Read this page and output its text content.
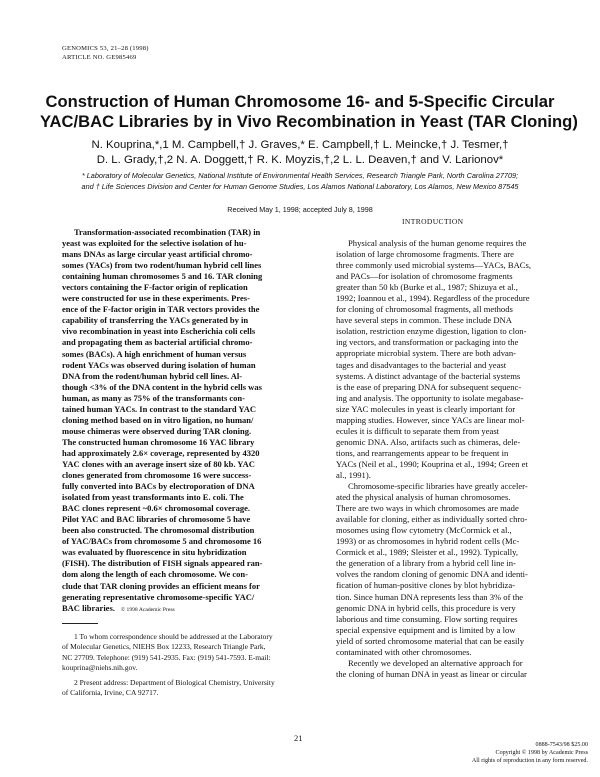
GENOMICS 53, 21–28 (1998)
ARTICLE NO. GE985469
Construction of Human Chromosome 16- and 5-Specific Circular
YAC/BAC Libraries by in Vivo Recombination in Yeast (TAR Cloning)
N. Kouprina,*,1 M. Campbell,† J. Graves,* E. Campbell,† L. Meincke,† J. Tesmer,†
D. L. Grady,†,2 N. A. Doggett,† R. K. Moyzis,†,2 L. L. Deaven,† and V. Larionov*
* Laboratory of Molecular Genetics, National Institute of Environmental Health Services, Research Triangle Park, North Carolina 27709;
and † Life Sciences Division and Center for Human Genome Studies, Los Alamos National Laboratory, Los Alamos, New Mexico 87545
Received May 1, 1998; accepted July 8, 1998
Transformation-associated recombination (TAR) in
yeast was exploited for the selective isolation of hu-
mans DNAs as large circular yeast artificial chromo-
somes (YACs) from two rodent/human hybrid cell lines
containing human chromosomes 5 and 16. TAR cloning
vectors containing the F-factor origin of replication
were constructed for use in these experiments. Pres-
ence of the F-factor origin in TAR vectors provides the
capability of transferring the YACs generated by in
vivo recombination in yeast into Escherichia coli cells
and propagating them as bacterial artificial chromo-
somes (BACs). A high enrichment of human versus
rodent YACs was observed during isolation of human
DNA from the rodent/human hybrid cell lines. Al-
though <3% of the DNA content in the hybrid cells was
human, as many as 75% of the transformants con-
tained human YACs. In contrast to the standard YAC
cloning method based on in vitro ligation, no human/
mouse chimeras were observed during TAR cloning.
The constructed human chromosome 16 YAC library
had approximately 2.6× coverage, represented by 4320
YAC clones with an average insert size of 80 kb. YAC
clones generated from chromosome 16 were success-
fully converted into BACs by electroporation of DNA
isolated from yeast transformants into E. coli. The
BAC clones represent ~0.6× chromosomal coverage.
Pilot YAC and BAC libraries of chromosome 5 have
been also constructed. The chromosomal distribution
of YAC/BACs from chromosome 5 and chromosome 16
was evaluated by fluorescence in situ hybridization
(FISH). The distribution of FISH signals appeared ran-
dom along the length of each chromosome. We con-
clude that TAR cloning provides an efficient means for
generating representative chromosome-specific YAC/
BAC libraries. © 1998 Academic Press
1 To whom correspondence should be addressed at the Laboratory
of Molecular Genetics, NIEHS Box 12233, Research Triangle Park,
NC 27709. Telephone: (919) 541-2935. Fax: (919) 541-7593. E-mail:
kouprina@niehs.nih.gov.
2 Present address: Department of Biological Chemistry, University
of California, Irvine, CA 92717.
INTRODUCTION
Physical analysis of the human genome requires the
isolation of large chromosome fragments. There are
three commonly used microbial systems—YACs, BACs,
and PACs—for isolation of chromosome fragments
greater than 50 kb (Burke et al., 1987; Shizuya et al.,
1992; Ioannou et al., 1994). Regardless of the procedure
for cloning of chromosomal fragments, all methods
have several steps in common. These include DNA
isolation, restriction enzyme digestion, ligation to clon-
ing vectors, and transformation or packaging into the
appropriate microbial system. There are both advan-
tages and disadvantages to the bacterial and yeast
systems. A distinct advantage of the bacterial systems
is the ease of preparing DNA for subsequent sequenc-
ing and analysis. The opportunity to isolate megabase-
size YAC molecules in yeast is clearly important for
mapping studies. However, since YACs are linear mol-
ecules it is difficult to separate them from yeast
genomic DNA. Also, artifacts such as chimeras, dele-
tions, and rearrangements appear to be frequent in
YACs (Neil et al., 1990; Kouprina et al., 1994; Green et
al., 1991).
Chromosome-specific libraries have greatly acceler-
ated the physical analysis of human chromosomes.
There are two ways in which chromosomes are made
available for cloning, either as individually sorted chro-
mosomes using flow cytometry (McCormick et al.,
1993) or as chromosomes in hybrid rodent cells (Mc-
Cormick et al., 1989; Sleister et al., 1992). Typically,
the generation of a library from a hybrid cell line in-
volves the random cloning of genomic DNA and identi-
fication of human-positive clones by blot hybridiza-
tion. Since human DNA represents less than 3% of the
genomic DNA in hybrid cells, this procedure is very
laborious and time consuming. Flow sorting requires
special expensive equipment and is limited by a low
yield of sorted chromosome material that can be easily
contaminated with other chromosomes.
Recently we developed an alternative approach for
the cloning of human DNA in yeast as linear or circular
21
0888-7543/98 $25.00
Copyright © 1998 by Academic Press
All rights of reproduction in any form reserved.
